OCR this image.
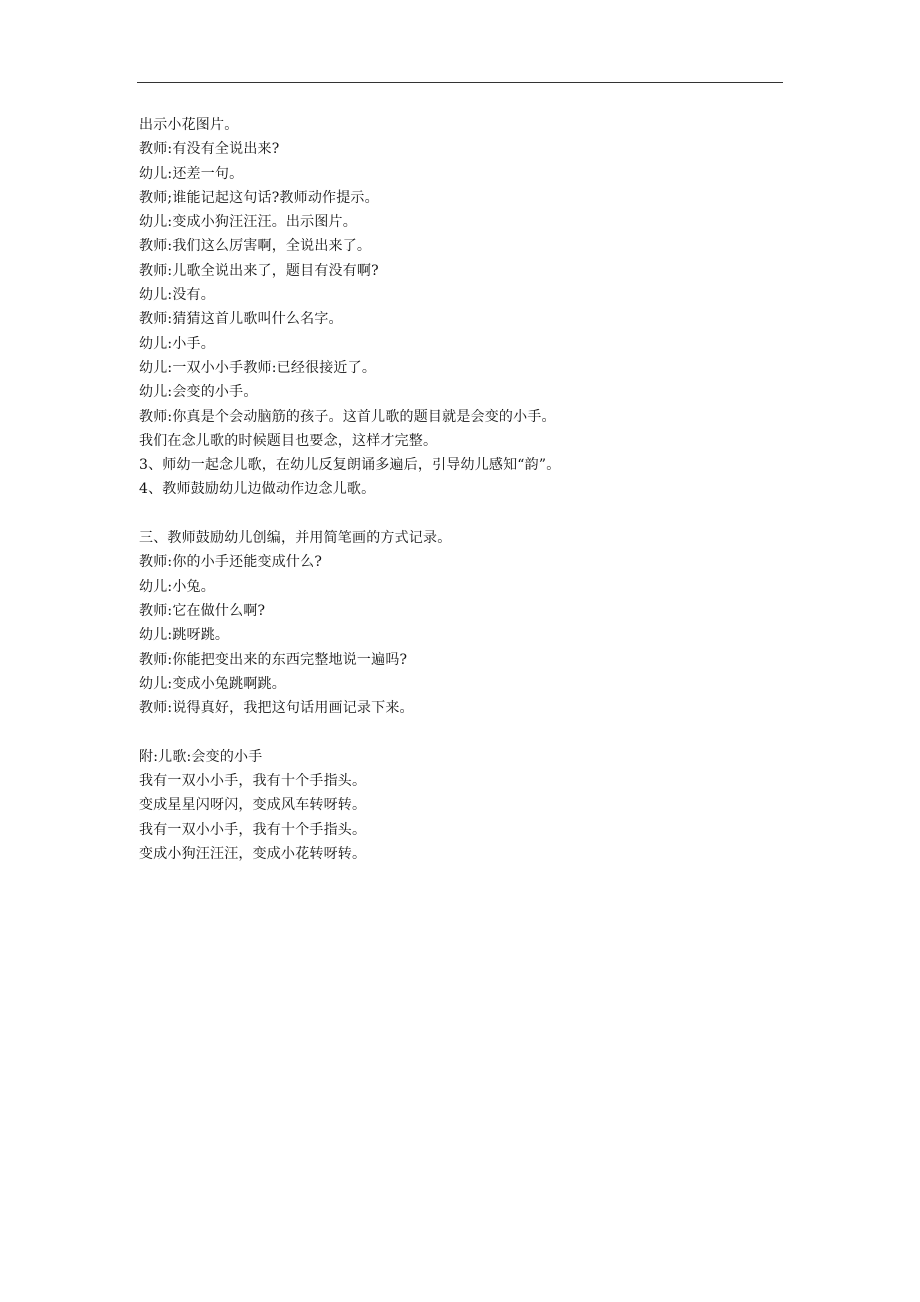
出示小花图片。
教师:有没有全说出来?
幼儿:还差一句。
教师;谁能记起这句话?教师动作提示。
幼儿:变成小狗汪汪汪。出示图片。
教师:我们这么厉害啊，全说出来了。
教师:儿歌全说出来了，题目有没有啊?
幼儿:没有。
教师:猜猜这首儿歌叫什么名字。
幼儿:小手。
幼儿:一双小小手教师:已经很接近了。
幼儿:会变的小手。
教师:你真是个会动脑筋的孩子。这首儿歌的题目就是会变的小手。
我们在念儿歌的时候题目也要念，这样才完整。
3、师幼一起念儿歌，在幼儿反复朗诵多遍后，引导幼儿感知“韵”。
4、教师鼓励幼儿边做动作边念儿歌。
三、教师鼓励幼儿创编，并用简笔画的方式记录。
教师:你的小手还能变成什么?
幼儿:小兔。
教师:它在做什么啊?
幼儿:跳呀跳。
教师:你能把变出来的东西完整地说一遍吗?
幼儿:变成小兔跳啊跳。
教师:说得真好，我把这句话用画记录下来。
附:儿歌:会变的小手
我有一双小小手，我有十个手指头。
变成星星闪呀闪，变成风车转呀转。
我有一双小小手，我有十个手指头。
变成小狗汪汪汪，变成小花转呀转。
